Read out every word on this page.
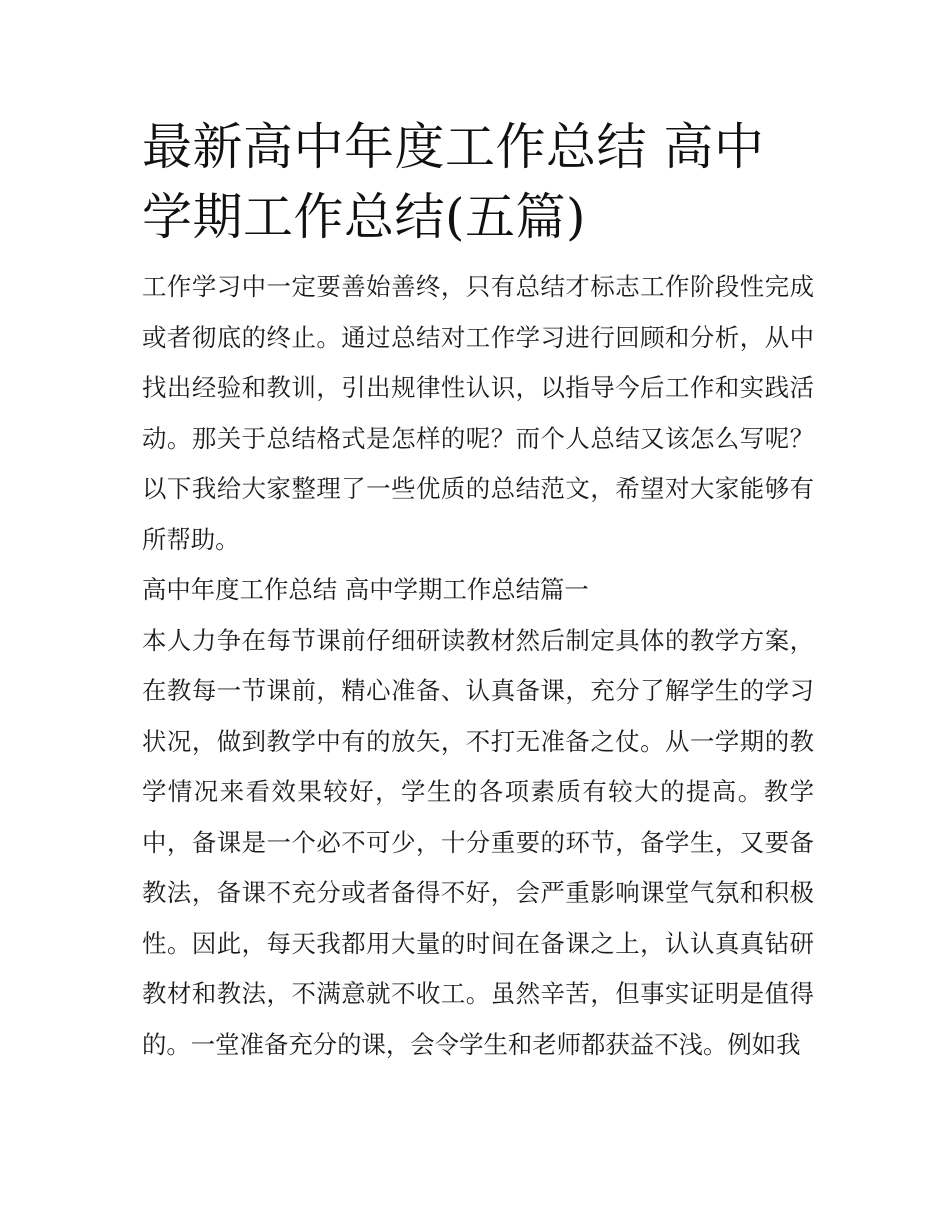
最新高中年度工作总结 高中学期工作总结(五篇)

工作学习中一定要善始善终，只有总结才标志工作阶段性完成或者彻底的终止。通过总结对工作学习进行回顾和分析，从中找出经验和教训，引出规律性认识，以指导今后工作和实践活动。那关于总结格式是怎样的呢？而个人总结又该怎么写呢？以下我给大家整理了一些优质的总结范文，希望对大家能够有所帮助。

高中年度工作总结 高中学期工作总结篇一

本人力争在每节课前仔细研读教材然后制定具体的教学方案，在教每一节课前，精心准备、认真备课，充分了解学生的学习状况，做到教学中有的放矢，不打无准备之仗。从一学期的教学情况来看效果较好，学生的各项素质有较大的提高。教学中，备课是一个必不可少，十分重要的环节，备学生，又要备教法，备课不充分或者备得不好，会严重影响课堂气氛和积极性。因此，每天我都用大量的时间在备课之上，认认真真钻研教材和教法，不满意就不收工。虽然辛苦，但事实证明是值得的。一堂准备充分的课，会令学生和老师都获益不浅。例如我
